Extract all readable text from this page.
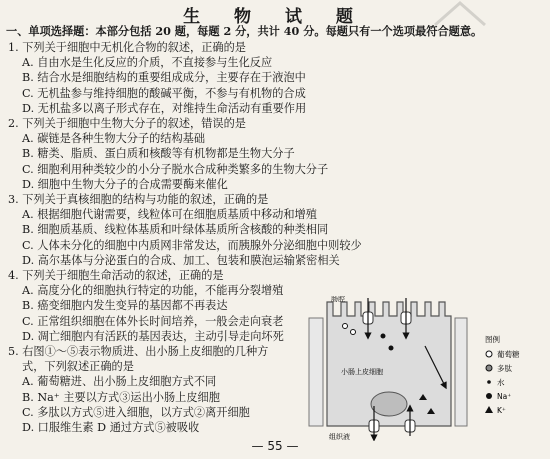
生 物 试 题
一、单项选择题：本部分包括 20 题，每题 2 分，共计 40 分。每题只有一个选项最符合题意。
1. 下列关于细胞中无机化合物的叙述，正确的是
A. 自由水是生化反应的介质，不直接参与生化反应
B. 结合水是细胞结构的重要组成成分，主要存在于液泡中
C. 无机盐参与维持细胞的酸碱平衡，不参与有机物的合成
D. 无机盐多以离子形式存在，对维持生命活动有重要作用
2. 下列关于细胞中生物大分子的叙述，错误的是
A. 碳链是各种生物大分子的结构基础
B. 糖类、脂质、蛋白质和核酸等有机物都是生物大分子
C. 细胞利用种类较少的小分子脱水合成种类繁多的生物大分子
D. 细胞中生物大分子的合成需要酶来催化
3. 下列关于真核细胞的结构与功能的叙述，正确的是
A. 根据细胞代谢需要，线粒体可在细胞质基质中移动和增殖
B. 细胞质基质、线粒体基质和叶绿体基质所含核酸的种类相同
C. 人体未分化的细胞中内质网非常发达，而胰腺外分泌细胞中则较少
D. 高尔基体与分泌蛋白的合成、加工、包装和膜泡运输紧密相关
4. 下列关于细胞生命活动的叙述，正确的是
A. 高度分化的细胞执行特定的功能，不能再分裂增殖
B. 癌变细胞内发生变异的基因都不再表达
C. 正常组织细胞在体外长时间培养，一般会走向衰老
D. 凋亡细胞内有活跃的基因表达，主动引导走向坏死
5. 右图①～⑤表示物质进、出小肠上皮细胞的几种方
式，下列叙述正确的是
A. 葡萄糖进、出小肠上皮细胞方式不同
B. Na⁺ 主要以方式③运出小肠上皮细胞
C. 多肽以方式⑤进入细胞，以方式②离开细胞
D. 口服维生素 D 通过方式⑤被吸收
肠腔
小肠上皮细胞
组织液
图例
葡萄糖
多肽
水
Na⁺
K⁺
— 55 —
